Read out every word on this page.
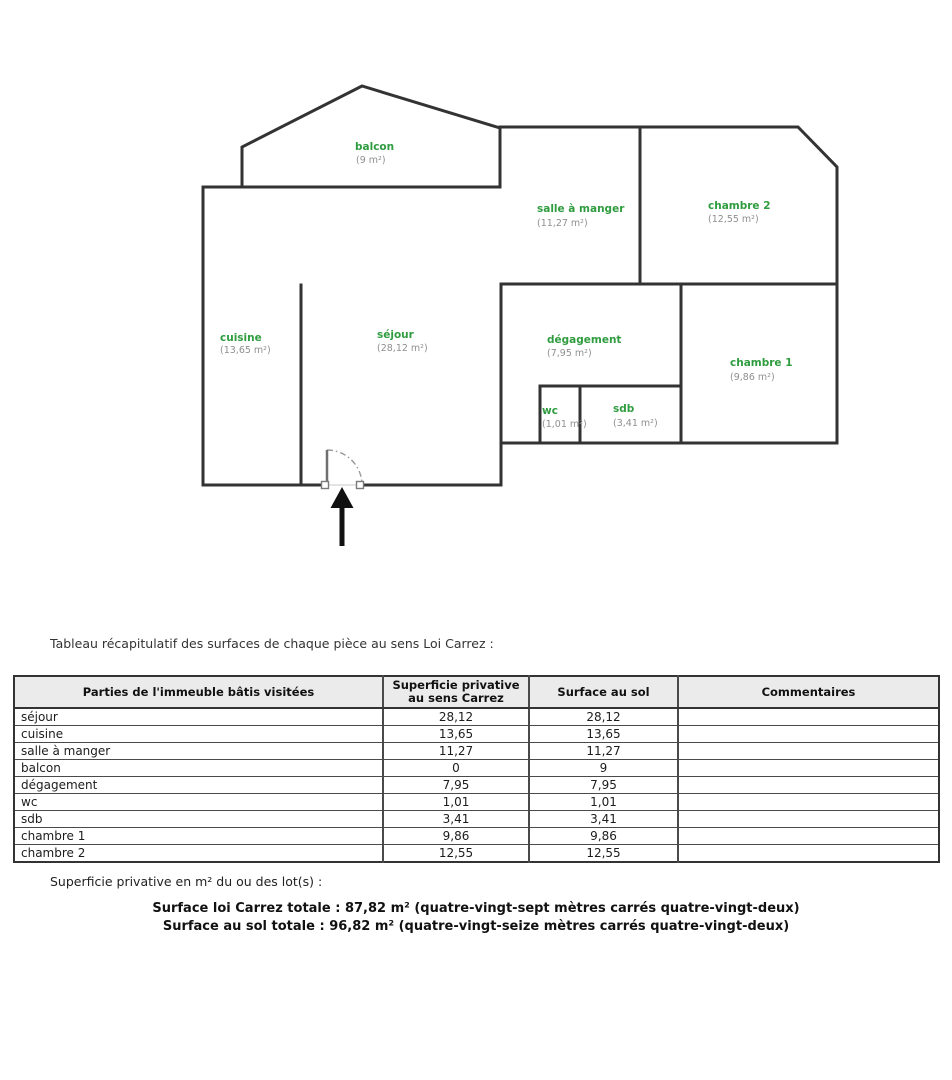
balcon
(9 m²)
salle à manger
(11,27 m²)
chambre 2
(12,55 m²)
cuisine
(13,65 m²)
séjour
(28,12 m²)
dégagement
(7,95 m²)
wc
(1,01 m²)
sdb
(3,41 m²)
chambre 1
(9,86 m²)
Tableau récapitulatif des surfaces de chaque pièce au sens Loi Carrez :
Parties de l'immeuble bâtis visitées	Superficie privative au sens Carrez	Surface au sol	Commentaires
séjour	28,12	28,12	
cuisine	13,65	13,65	
salle à manger	11,27	11,27	
balcon	0	9	
dégagement	7,95	7,95	
wc	1,01	1,01	
sdb	3,41	3,41	
chambre 1	9,86	9,86	
chambre 2	12,55	12,55	
Superficie privative en m² du ou des lot(s) :
Surface loi Carrez totale : 87,82 m² (quatre-vingt-sept mètres carrés quatre-vingt-deux)
Surface au sol totale : 96,82 m² (quatre-vingt-seize mètres carrés quatre-vingt-deux)
